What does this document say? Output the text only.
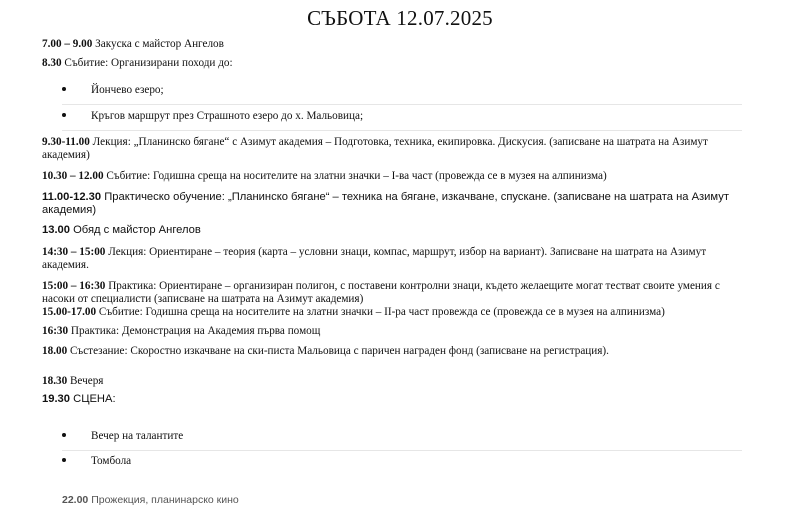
СЪБОТА 12.07.2025

7.00 – 9.00 Закуска с майстор Ангелов

8.30 Събитие: Организирани походи до:

Йончево езеро;
Кръгов маршрут през Страшното езеро до х. Мальовица;

9.30-11.00 Лекция: „Планинско бягане“ с Азимут академия – Подготовка, техника, екипировка. Дискусия. (записване на шатрата на Азимут академия)

10.30 – 12.00 Събитие: Годишна среща на носителите на златни значки – I-ва част (провежда се в музея на алпинизма)

11.00-12.30 Практическо обучение: „Планинско бягане“ – техника на бягане, изкачване, спускане. (записване на шатрата на Азимут академия)

13.00 Обяд с майстор Ангелов

14:30 – 15:00 Лекция: Ориентиране – теория (карта – условни знаци, компас, маршрут, избор на вариант). Записване на шатрата на Азимут академия.

15:00 – 16:30 Практика: Ориентиране – организиран полигон, с поставени контролни знаци, където желаещите могат тестват своите умения с насоки от специалисти (записване на шатрата на Азимут академия)

15.00-17.00 Събитие: Годишна среща на носителите на златни значки – II-ра част провежда се (провежда се в музея на алпинизма)

16:30 Практика: Демонстрация на Академия първа помощ

18.00 Състезание: Скоростно изкачване на ски-писта Мальовица с паричен награден фонд (записване на регистрация).

18.30 Вечеря

19.30 СЦЕНА:

Вечер на талантите
Томбола
22.00 Прожекция, планинарско кино
